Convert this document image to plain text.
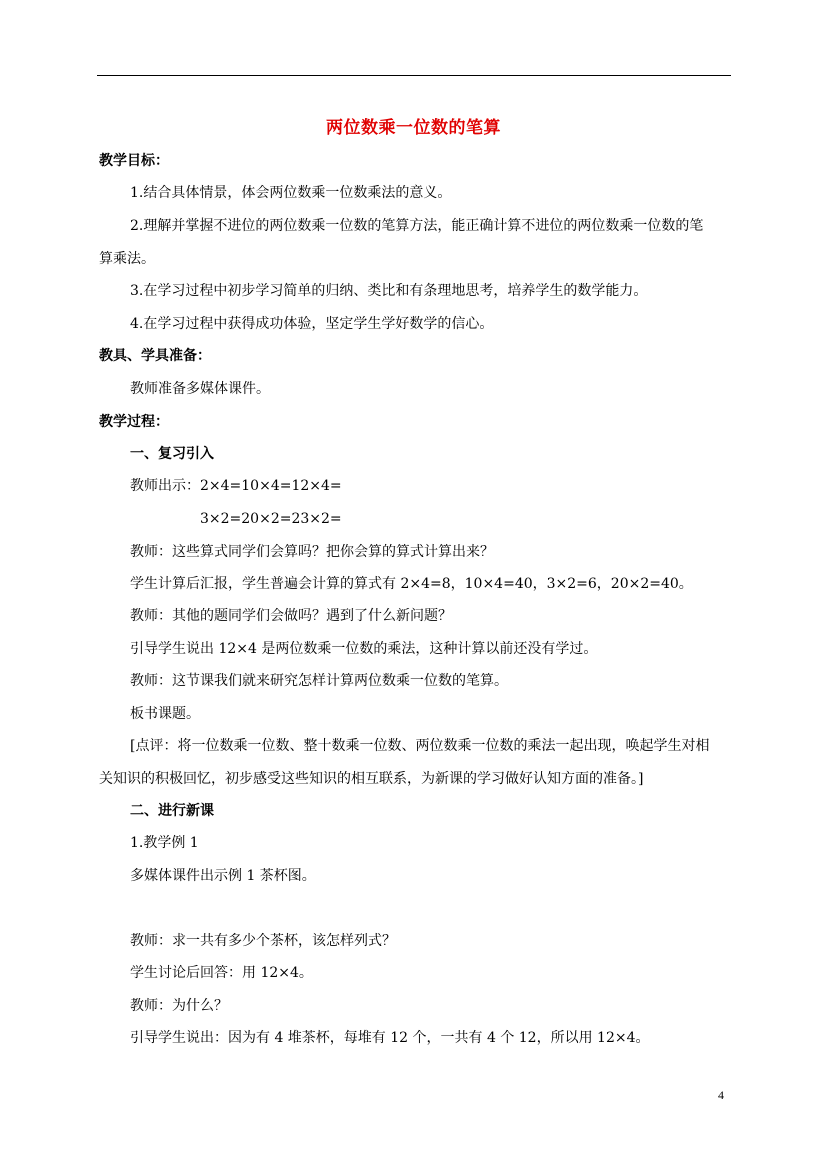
两位数乘一位数的笔算
教学目标：
1.结合具体情景，体会两位数乘一位数乘法的意义。
2.理解并掌握不进位的两位数乘一位数的笔算方法，能正确计算不进位的两位数乘一位数的笔
算乘法。
3.在学习过程中初步学习简单的归纳、类比和有条理地思考，培养学生的数学能力。
4.在学习过程中获得成功体验，坚定学生学好数学的信心。
教具、学具准备：
教师准备多媒体课件。
教学过程：
一、复习引入
教师出示：2×4=10×4=12×4=
3×2=20×2=23×2=
教师：这些算式同学们会算吗？把你会算的算式计算出来？
学生计算后汇报，学生普遍会计算的算式有 2×4=8，10×4=40，3×2=6，20×2=40。
教师：其他的题同学们会做吗？遇到了什么新问题？
引导学生说出 12×4 是两位数乘一位数的乘法，这种计算以前还没有学过。
教师：这节课我们就来研究怎样计算两位数乘一位数的笔算。
板书课题。
[点评：将一位数乘一位数、整十数乘一位数、两位数乘一位数的乘法一起出现，唤起学生对相
关知识的积极回忆，初步感受这些知识的相互联系，为新课的学习做好认知方面的准备。]
二、进行新课
1.教学例 1
多媒体课件出示例 1 茶杯图。
教师：求一共有多少个茶杯，该怎样列式？
学生讨论后回答：用 12×4。
教师：为什么？
引导学生说出：因为有 4 堆茶杯，每堆有 12 个，一共有 4 个 12，所以用 12×4。
4
